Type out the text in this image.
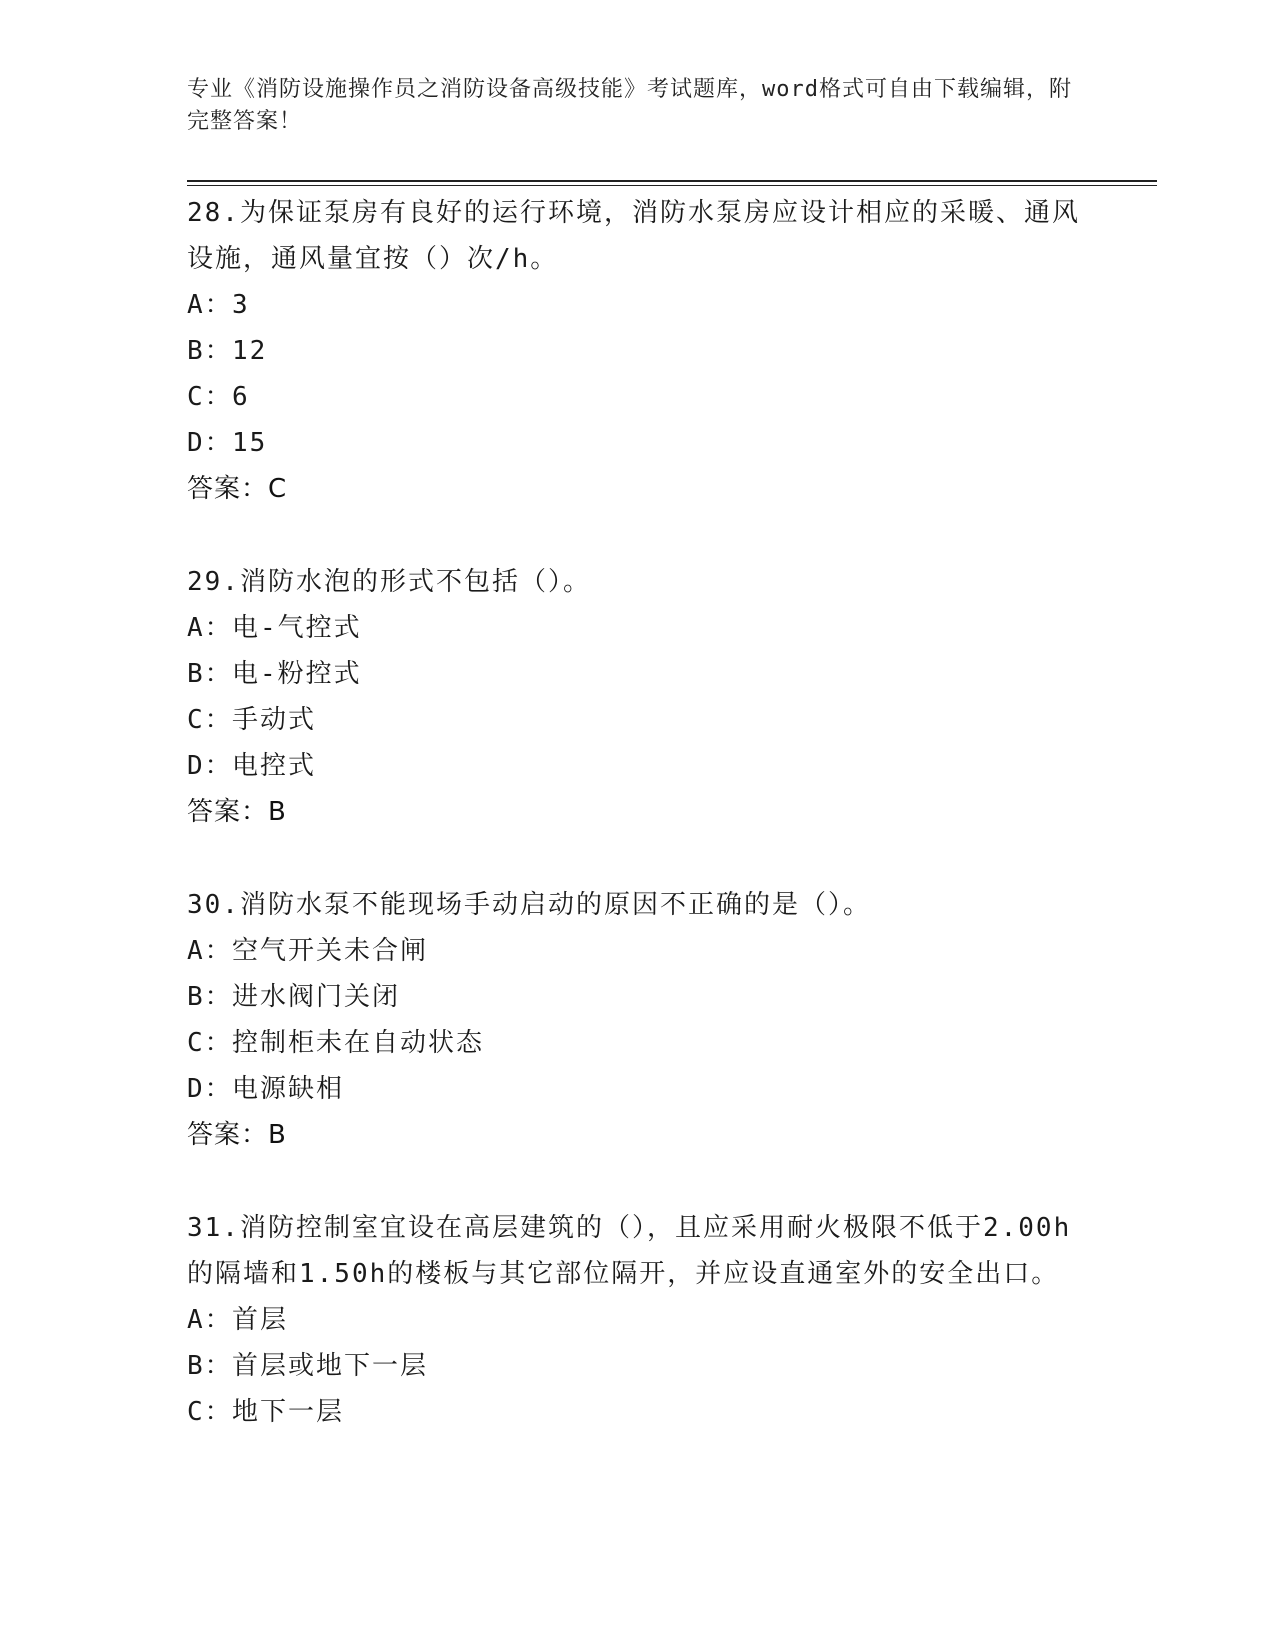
专业《消防设施操作员之消防设备高级技能》考试题库，word格式可自由下载编辑，附完整答案！
28.为保证泵房有良好的运行环境，消防水泵房应设计相应的采暖、通风设施，通风量宜按（）次/h。
A：3
B：12
C：6
D：15
答案：C
29.消防水泡的形式不包括（）。
A：电-气控式
B：电-粉控式
C：手动式
D：电控式
答案：B
30.消防水泵不能现场手动启动的原因不正确的是（）。
A：空气开关未合闸
B：进水阀门关闭
C：控制柜未在自动状态
D：电源缺相
答案：B
31.消防控制室宜设在高层建筑的（），且应采用耐火极限不低于2.00h的隔墙和1.50h的楼板与其它部位隔开，并应设直通室外的安全出口。
A：首层
B：首层或地下一层
C：地下一层
